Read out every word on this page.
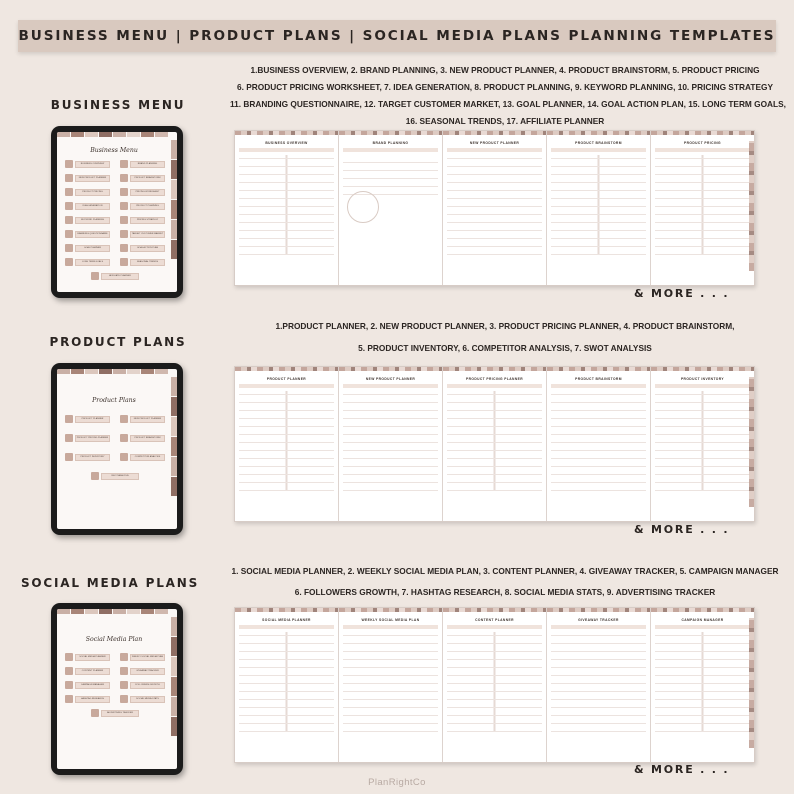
BUSINESS MENU | PRODUCT PLANS | SOCIAL MEDIA PLANS PLANNING TEMPLATES
BUSINESS MENU
1.BUSINESS OVERVIEW, 2. BRAND PLANNING, 3. NEW PRODUCT PLANNER, 4. PRODUCT BRAINSTORM, 5. PRODUCT PRICING
6. PRODUCT PRICING WORKSHEET, 7. IDEA GENERATION, 8. PRODUCT PLANNING, 9. KEYWORD PLANNING, 10. PRICING STRATEGY
11. BRANDING QUESTIONNAIRE, 12. TARGET CUSTOMER MARKET, 13. GOAL PLANNER, 14. GOAL ACTION PLAN, 15. LONG TERM GOALS,
16. SEASONAL TRENDS, 17. AFFILIATE PLANNER
Business Menu
BUSINESS OVERVIEW	BRAND PLANNING
NEW PRODUCT PLANNER	PRODUCT BRAINSTORM
PRODUCT PRICING	PRICING WORKSHEET
IDEA GENERATION	PRODUCT PLANNING
KEYWORD PLANNING	PRICING STRATEGY
BRANDING QUESTIONNAIRE	TARGET CUSTOMER MARKET
GOAL PLANNER	GOAL ACTION PLAN
LONG TERM GOALS	SEASONAL TRENDS
AFFILIATE PLANNER
BUSINESS OVERVIEW	BRAND PLANNING	NEW PRODUCT PLANNER	PRODUCT BRAINSTORM	PRODUCT PRICING
& MORE . . .
PRODUCT PLANS
1.PRODUCT PLANNER, 2. NEW PRODUCT PLANNER, 3. PRODUCT PRICING PLANNER, 4. PRODUCT BRAINSTORM,
5. PRODUCT INVENTORY, 6. COMPETITOR ANALYSIS, 7. SWOT ANALYSIS
Product Plans
PRODUCT PLANNER	NEW PRODUCT PLANNER
PRODUCT PRICING PLANNER	PRODUCT BRAINSTORM
PRODUCT INVENTORY	COMPETITOR ANALYSIS
SWOT ANALYSIS
PRODUCT PLANNER	NEW PRODUCT PLANNER	PRODUCT PRICING PLANNER	PRODUCT BRAINSTORM	PRODUCT INVENTORY
& MORE . . .
SOCIAL MEDIA PLANS
1. SOCIAL MEDIA PLANNER, 2. WEEKLY SOCIAL MEDIA PLAN, 3. CONTENT PLANNER, 4. GIVEAWAY TRACKER, 5. CAMPAIGN MANAGER
6. FOLLOWERS GROWTH, 7. HASHTAG RESEARCH, 8. SOCIAL MEDIA STATS, 9. ADVERTISING TRACKER
Social Media Plan
SOCIAL MEDIA PLANNER	WEEKLY SOCIAL MEDIA PLAN
CONTENT PLANNER	GIVEAWAY TRACKER
CAMPAIGN MANAGER	FOLLOWERS GROWTH
HASHTAG RESEARCH	SOCIAL MEDIA STATS
ADVERTISING TRACKER
SOCIAL MEDIA PLANNER	WEEKLY SOCIAL MEDIA PLAN	CONTENT PLANNER	GIVEAWAY TRACKER	CAMPAIGN MANAGER
& MORE . . .
PlanRightCo
